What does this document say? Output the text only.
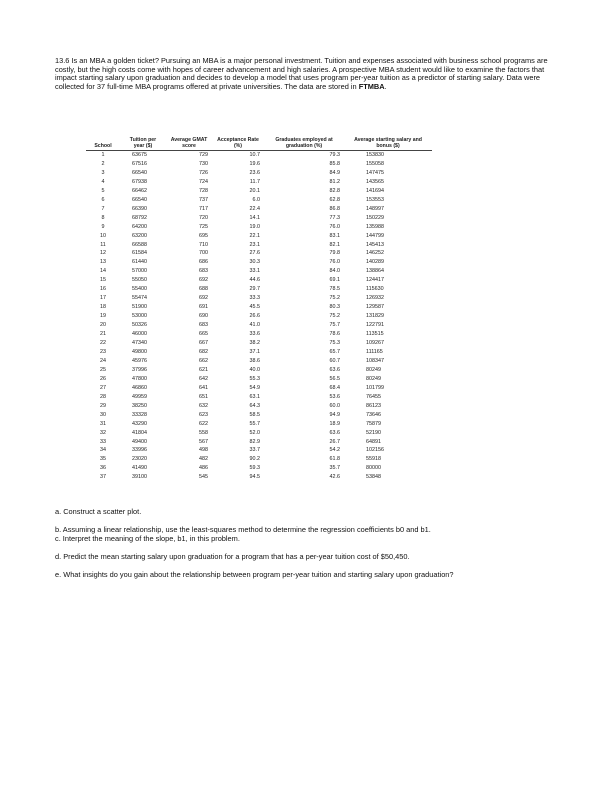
13.6 Is an MBA a golden ticket? Pursuing an MBA is a major personal investment. Tuition and expenses associated with business school programs are costly, but the high costs come with hopes of career advancement and high salaries. A prospective MBA student would like to examine the factors that impact starting salary upon graduation and decides to develop a model that uses program per-year tuition as a predictor of starting salary. Data were collected for 37 full-time MBA programs offered at private universities. The data are stored in FTMBA.

School	Tuition per year ($)	Average GMAT score	Acceptance Rate (%)	Graduates employed at graduation (%)	Average starting salary and bonus ($)
1	63675	729	10.7	79.3	153830
2	67516	730	19.6	85.8	155058
3	66540	726	23.6	84.9	147475
4	67938	724	11.7	81.2	143565
5	66462	728	20.1	82.8	141694
6	66540	737	6.0	62.8	153553
7	66390	717	22.4	86.8	148997
8	68792	720	14.1	77.3	150229
9	64200	725	19.0	76.0	135988
10	63200	695	22.1	83.1	144799
11	66588	710	23.1	82.1	145413
12	61584	700	27.6	79.8	146252
13	61440	686	30.3	76.0	140289
14	57000	683	33.1	84.0	138864
15	55050	692	44.6	69.1	124417
16	55400	688	29.7	78.5	115630
17	55474	692	33.3	75.2	126932
18	51900	691	45.5	80.3	129587
19	53000	690	26.6	75.2	131829
20	50326	683	41.0	75.7	122791
21	46000	665	33.6	78.6	113515
22	47340	667	38.2	75.3	109267
23	49800	682	37.1	65.7	111165
24	45976	662	38.6	60.7	108347
25	37996	621	40.0	63.6	80249
26	47800	642	55.3	56.5	80249
27	46860	641	54.9	68.4	101799
28	49959	651	63.1	53.6	76455
29	38250	632	64.3	60.0	86123
30	33328	623	58.5	94.9	73646
31	43290	622	55.7	18.9	75879
32	41804	558	52.0	63.6	52190
33	49400	567	82.9	26.7	64891
34	33996	498	33.7	54.2	102156
35	23020	482	90.2	61.8	55918
36	41490	486	59.3	35.7	80000
37	39100	545	94.5	42.6	53848

a. Construct a scatter plot.

b. Assuming a linear relationship, use the least-squares method to determine the regression coefficients b0 and b1.

c. Interpret the meaning of the slope, b1, in this problem.

d. Predict the mean starting salary upon graduation for a program that has a per-year tuition cost of $50,450.

e. What insights do you gain about the relationship between program per-year tuition and starting salary upon graduation?
